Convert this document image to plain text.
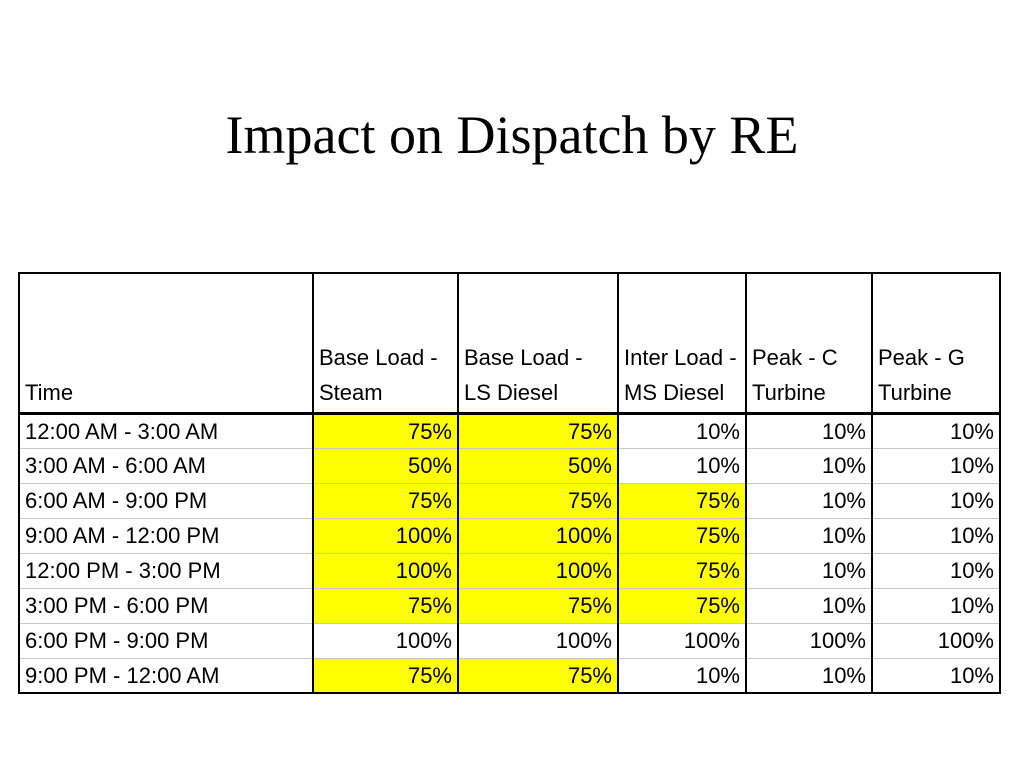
Impact on Dispatch by RE
Time	Base Load - Steam	Base Load - LS Diesel	Inter Load - MS Diesel	Peak - C Turbine	Peak - G Turbine
12:00 AM - 3:00 AM	75%	75%	10%	10%	10%
3:00 AM - 6:00 AM	50%	50%	10%	10%	10%
6:00 AM - 9:00 PM	75%	75%	75%	10%	10%
9:00 AM - 12:00 PM	100%	100%	75%	10%	10%
12:00 PM - 3:00 PM	100%	100%	75%	10%	10%
3:00 PM - 6:00 PM	75%	75%	75%	10%	10%
6:00 PM - 9:00 PM	100%	100%	100%	100%	100%
9:00 PM - 12:00 AM	75%	75%	10%	10%	10%
